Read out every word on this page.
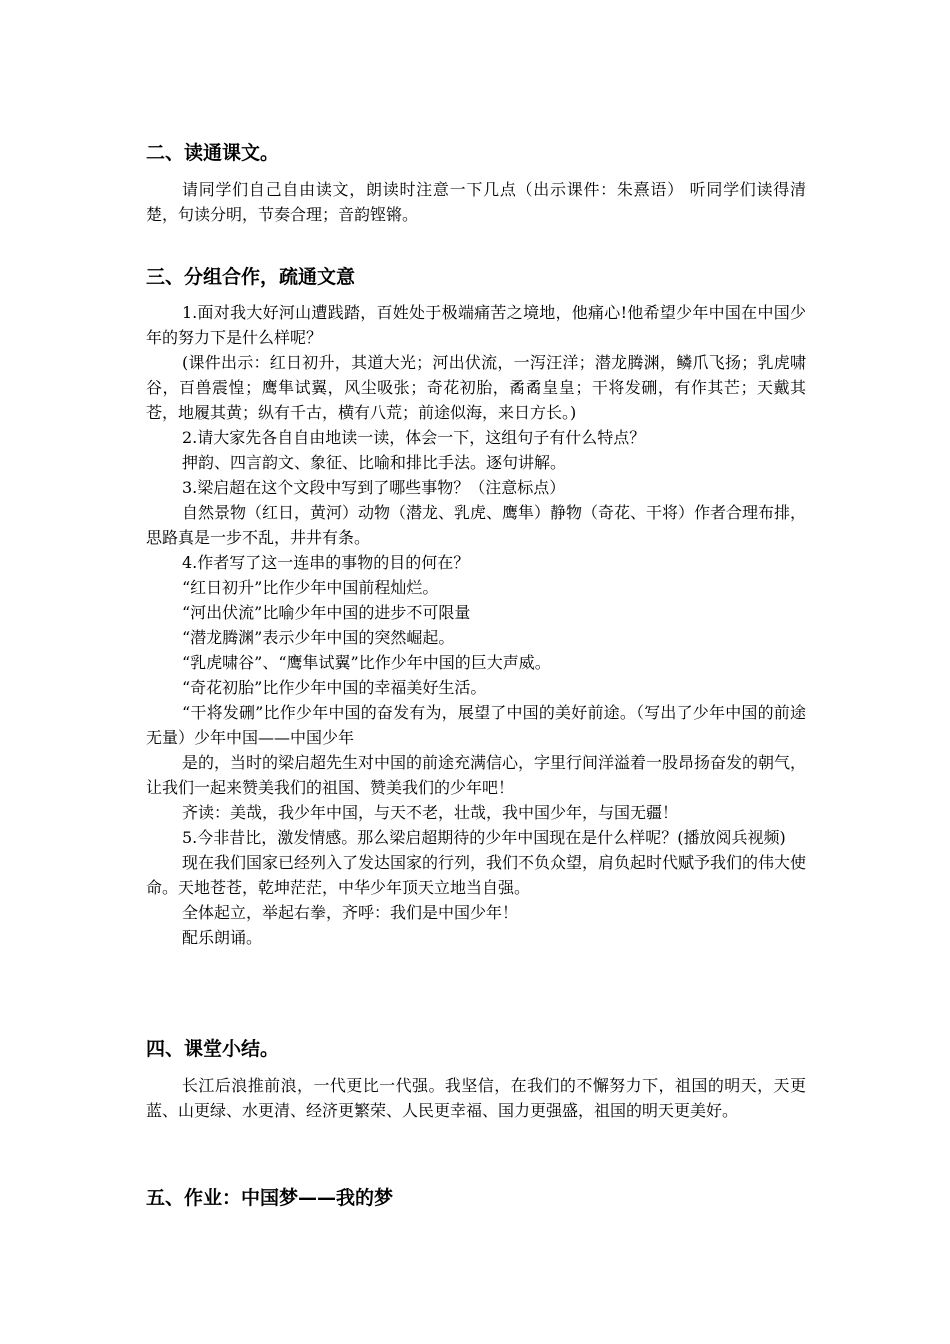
二、读通课文。

请同学们自己自由读文，朗读时注意一下几点（出示课件：朱熹语） 听同学们读得清楚，句读分明，节奏合理；音韵铿锵。

三、分组合作，疏通文意

1.面对我大好河山遭践踏，百姓处于极端痛苦之境地，他痛心!他希望少年中国在中国少年的努力下是什么样呢？

(课件出示：红日初升，其道大光；河出伏流，一泻汪洋；潜龙腾渊，鳞爪飞扬；乳虎啸谷，百兽震惶；鹰隼试翼，风尘吸张；奇花初胎，矞矞皇皇；干将发硎，有作其芒；天戴其苍，地履其黄；纵有千古，横有八荒；前途似海，来日方长。)

2.请大家先各自自由地读一读，体会一下，这组句子有什么特点？

押韵、四言韵文、象征、比喻和排比手法。逐句讲解。

3.梁启超在这个文段中写到了哪些事物？（注意标点）

自然景物（红日，黄河）动物（潜龙、乳虎、鹰隼）静物（奇花、干将）作者合理布排，思路真是一步不乱，井井有条。

4.作者写了这一连串的事物的目的何在？

“红日初升”比作少年中国前程灿烂。

“河出伏流”比喻少年中国的进步不可限量

“潜龙腾渊”表示少年中国的突然崛起。

“乳虎啸谷”、“鹰隼试翼”比作少年中国的巨大声威。

“奇花初胎”比作少年中国的幸福美好生活。

“干将发硎”比作少年中国的奋发有为，展望了中国的美好前途。（写出了少年中国的前途无量）少年中国——中国少年

是的，当时的梁启超先生对中国的前途充满信心，字里行间洋溢着一股昂扬奋发的朝气，让我们一起来赞美我们的祖国、赞美我们的少年吧！

齐读：美哉，我少年中国，与天不老，壮哉，我中国少年，与国无疆！

5.今非昔比，激发情感。那么梁启超期待的少年中国现在是什么样呢？(播放阅兵视频)

现在我们国家已经列入了发达国家的行列，我们不负众望，肩负起时代赋予我们的伟大使命。天地苍苍，乾坤茫茫，中华少年顶天立地当自强。

全体起立，举起右拳，齐呼：我们是中国少年！

配乐朗诵。

四、课堂小结。

长江后浪推前浪，一代更比一代强。我坚信，在我们的不懈努力下，祖国的明天，天更蓝、山更绿、水更清、经济更繁荣、人民更幸福、国力更强盛，祖国的明天更美好。

五、作业：中国梦——我的梦
